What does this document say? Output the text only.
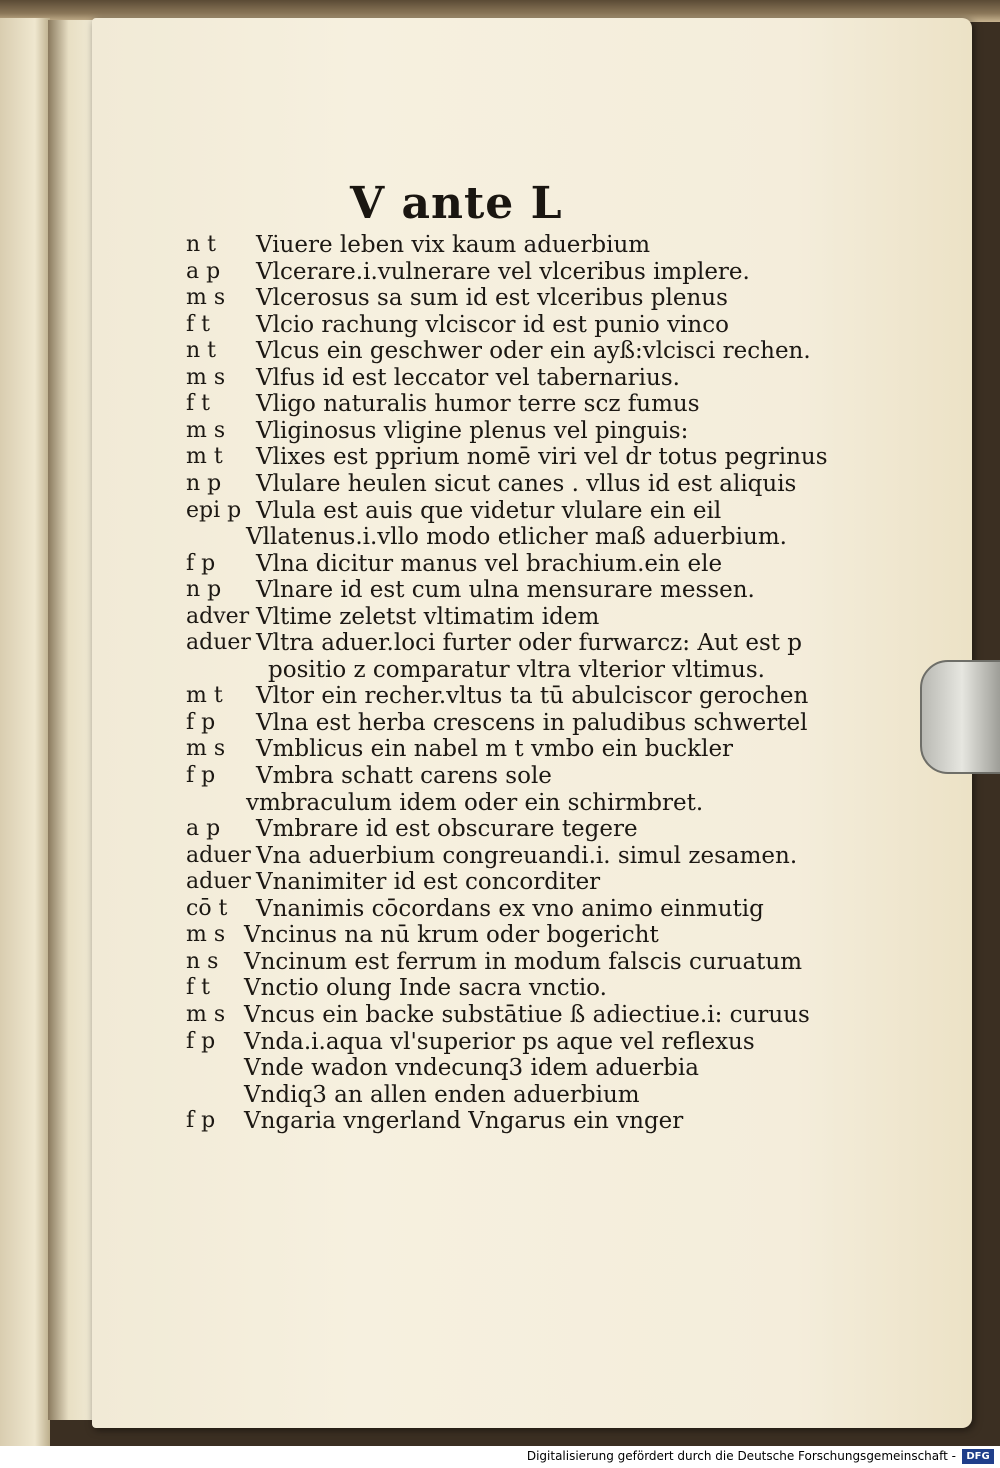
V ante L
n t Viuere leben vix kaum aduerbium
a p Vlcerare.i.vulnerare vel vlceribus implere.
m s Vlcerosus sa sum id est vlceribus plenus
f t Vlcio rachung vlciscor id est punio vinco
n t Vlcus ein geschwer oder ein ayß:vlcisci rechen.
m s Vlfus id est leccator vel tabernarius.
f t Vligo naturalis humor terre scz fumus
m s Vliginosus vligine plenus vel pinguis:
m t Vlixes est pprium nomē viri vel dr totus pegrinus
n p Vlulare heulen sicut canes . vllus id est aliquis
epi p Vlula est auis que videtur vlulare ein eil
Vllatenus.i.vllo modo etlicher maß aduerbium.
f p Vlna dicitur manus vel brachium.ein ele
n p Vlnare id est cum ulna mensurare messen.
adver Vltime zeletst vltimatim idem
aduer Vltra aduer.loci furter oder furwarcz: Aut est p
positio z comparatur vltra vlterior vltimus.
m t Vltor ein recher.vltus ta tū abulciscor gerochen
f p Vlna est herba crescens in paludibus schwertel
m s Vmblicus ein nabel m t vmbo ein buckler
f p Vmbra schatt carens sole
vmbraculum idem oder ein schirmbret.
a p Vmbrare id est obscurare tegere
aduer Vna aduerbium congreuandi.i. simul zesamen.
aduer Vnanimiter id est concorditer
cō t Vnanimis cōcordans ex vno animo einmutig
m s Vncinus na nū krum oder bogericht
n s Vncinum est ferrum in modum falscis curuatum
f t Vnctio olung Inde sacra vnctio.
m s Vncus ein backe substātiue ß adiectiue.i: curuus
f p Vnda.i.aqua vl'superior ps aque vel reflexus
Vnde wadon vndecunq3 idem aduerbia
Vndiq3 an allen enden aduerbium
f p Vngaria vngerland Vngarus ein vnger
Digitalisierung gefördert durch die Deutsche Forschungsgemeinschaft -	DFG
